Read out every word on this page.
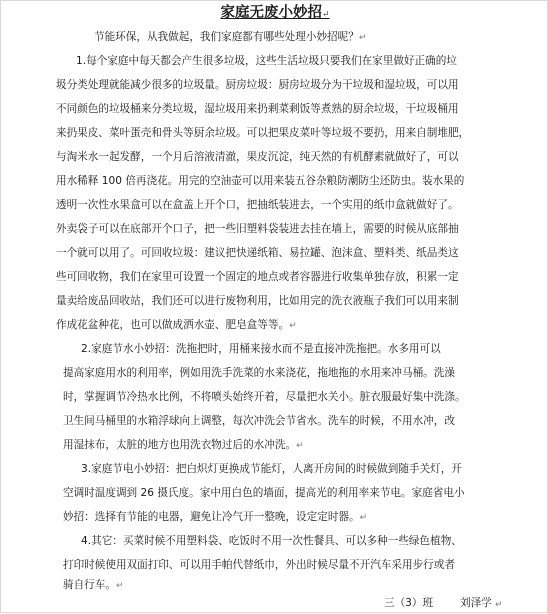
家庭无废小妙招↵
节能环保，从我做起，我们家庭都有哪些处理小妙招呢？↵
1.每个家庭中每天都会产生很多垃圾，这些生活垃圾只要我们在家里做好正确的垃
圾分类处理就能减少很多的垃圾量。厨房垃圾：厨房垃圾分为干垃圾和湿垃圾，可以用
不同颜色的垃圾桶来分类垃圾，湿垃圾用来扔剩菜剩饭等煮熟的厨余垃圾，干垃圾桶用
来扔果皮、菜叶蛋壳和骨头等厨余垃圾。可以把果皮菜叶等垃圾不要扔，用来自制堆肥，
与淘米水一起发酵，一个月后溶液清澈，果皮沉淀，纯天然的有机酵素就做好了，可以
用水稀释 100 倍再浇花。用完的空油壶可以用来装五谷杂粮防潮防尘还防虫。装水果的
透明一次性水果盒可以在盒盖上开个口，把抽纸装进去，一个实用的纸巾盒就做好了。
外卖袋子可以在底部开个口子，把一些旧塑料袋装进去挂在墙上，需要的时候从底部抽
一个就可以用了。可回收垃圾：建议把快递纸箱、易拉罐、泡沫盒、塑料类、纸品类这
些可回收物，我们在家里可设置一个固定的地点或者容器进行收集单独存放，积累一定
量卖给废品回收站，我们还可以进行废物利用，比如用完的洗衣液瓶子我们可以用来制
作成花盆种花，也可以做成洒水壶、肥皂盒等等。↵
2.家庭节水小妙招：洗拖把时，用桶来接水而不是直接冲洗拖把。水多用可以
提高家庭用水的利用率，例如用洗手洗菜的水来浇花，拖地拖的水用来冲马桶。洗澡
时，掌握调节冷热水比例，不将喷头始终开着，尽量把水关小。脏衣服最好集中洗涤。
卫生间马桶里的水箱浮球向上调整，每次冲洗会节省水。洗车的时候，不用水冲，改
用湿抹布，太脏的地方也用洗衣物过后的水冲洗。↵
3.家庭节电小妙招：把白炽灯更换成节能灯，人离开房间的时候做到随手关灯，开
空调时温度调到 26 摄氏度。家中用白色的墙面，提高光的利用率来节电。家庭省电小
妙招：选择有节能的电器，避免让冷气开一整晚，设定定时器。↵
4.其它：买菜时候不用塑料袋、吃饭时不用一次性餐具、可以多种一些绿色植物、
打印时候使用双面打印、可以用手帕代替纸巾，外出时候尽量不开汽车采用步行或者
骑自行车。↵
三（3）班	刘泽学 ↵
